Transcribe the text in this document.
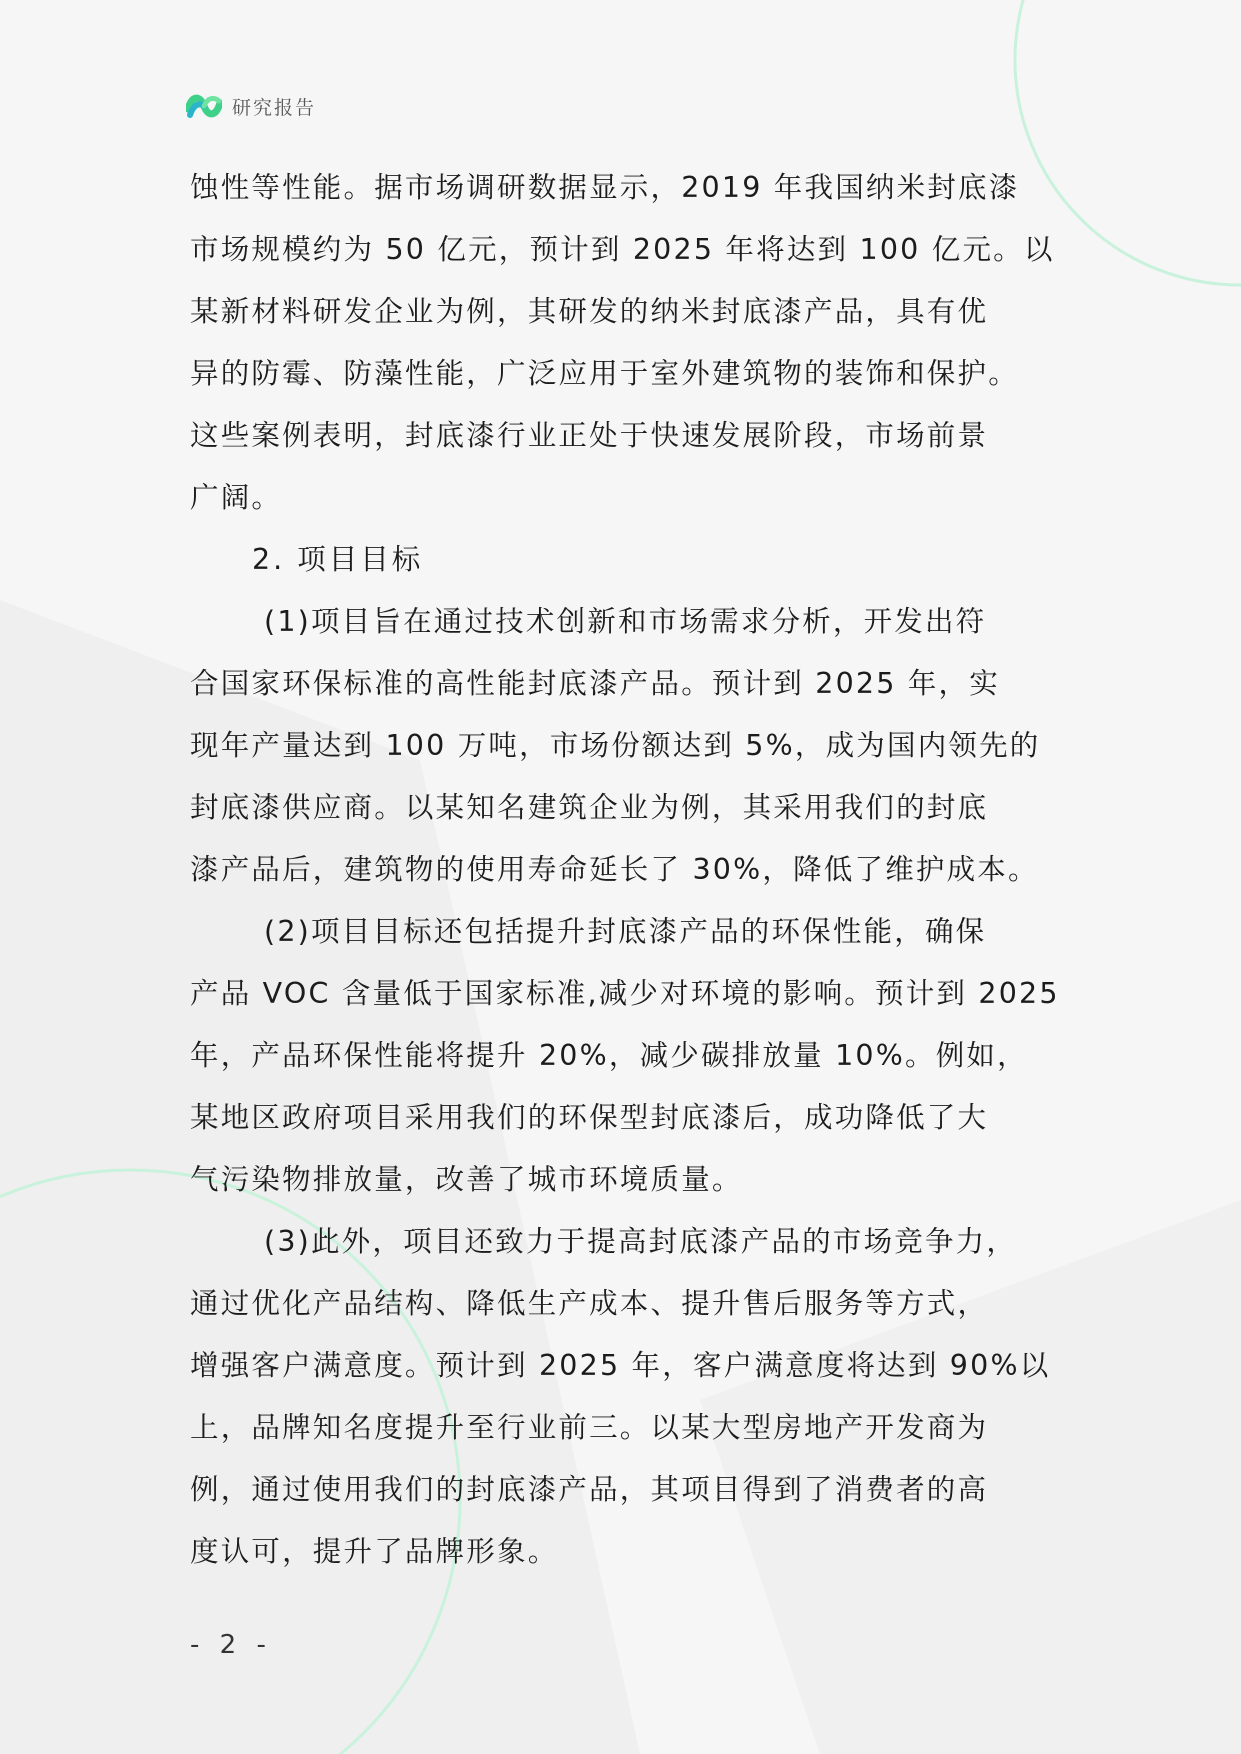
研究报告
蚀性等性能。据市场调研数据显示，2019 年我国纳米封底漆
市场规模约为 50 亿元，预计到 2025 年将达到 100 亿元。以
某新材料研发企业为例，其研发的纳米封底漆产品，具有优
异的防霉、防藻性能，广泛应用于室外建筑物的装饰和保护。
这些案例表明，封底漆行业正处于快速发展阶段，市场前景
广阔。
2. 项目目标
(1)项目旨在通过技术创新和市场需求分析，开发出符
合国家环保标准的高性能封底漆产品。预计到 2025 年，实
现年产量达到 100 万吨，市场份额达到 5%，成为国内领先的
封底漆供应商。以某知名建筑企业为例，其采用我们的封底
漆产品后，建筑物的使用寿命延长了 30%，降低了维护成本。
(2)项目目标还包括提升封底漆产品的环保性能，确保
产品 VOC 含量低于国家标准,减少对环境的影响。预计到 2025
年，产品环保性能将提升 20%，减少碳排放量 10%。例如，
某地区政府项目采用我们的环保型封底漆后，成功降低了大
气污染物排放量，改善了城市环境质量。
(3)此外，项目还致力于提高封底漆产品的市场竞争力，
通过优化产品结构、降低生产成本、提升售后服务等方式，
增强客户满意度。预计到 2025 年，客户满意度将达到 90%以
上，品牌知名度提升至行业前三。以某大型房地产开发商为
例，通过使用我们的封底漆产品，其项目得到了消费者的高
度认可，提升了品牌形象。
- 2 -
